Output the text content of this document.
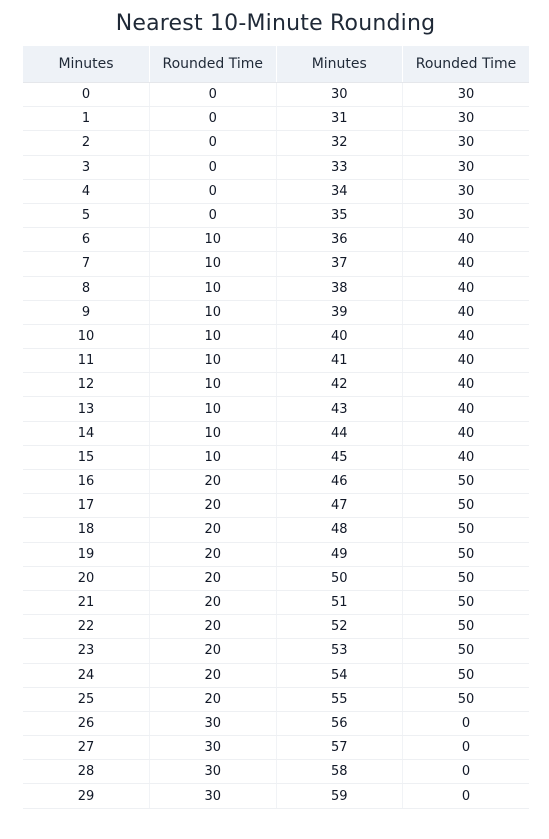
Nearest 10-Minute Rounding
Minutes	Rounded Time	Minutes	Rounded Time
0	0	30	30
1	0	31	30
2	0	32	30
3	0	33	30
4	0	34	30
5	0	35	30
6	10	36	40
7	10	37	40
8	10	38	40
9	10	39	40
10	10	40	40
11	10	41	40
12	10	42	40
13	10	43	40
14	10	44	40
15	10	45	40
16	20	46	50
17	20	47	50
18	20	48	50
19	20	49	50
20	20	50	50
21	20	51	50
22	20	52	50
23	20	53	50
24	20	54	50
25	20	55	50
26	30	56	0
27	30	57	0
28	30	58	0
29	30	59	0
